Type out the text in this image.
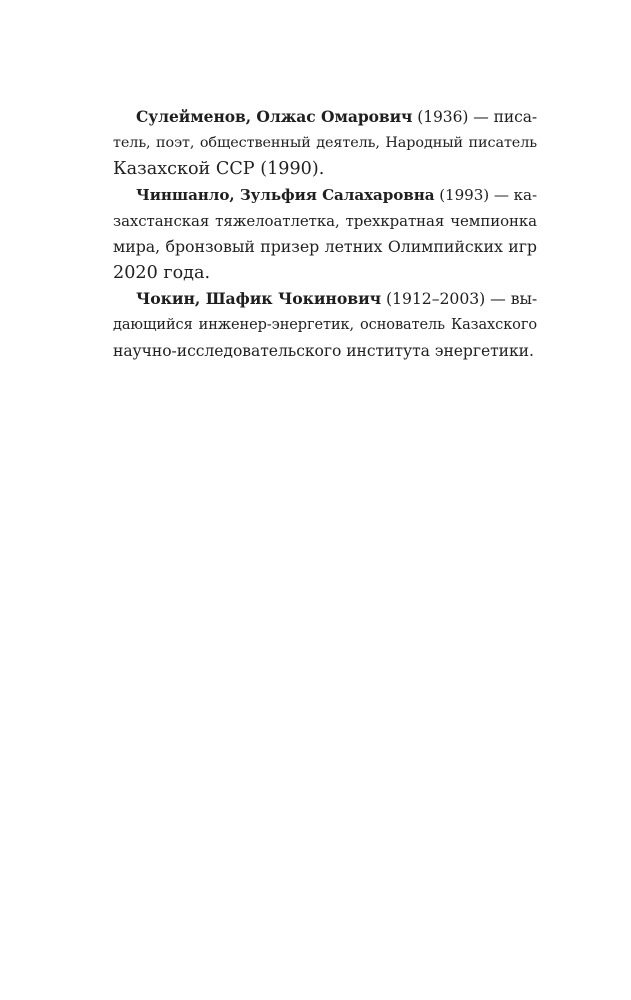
Сулейменов, Олжас Омарович (1936) — писа-
тель, поэт, общественный деятель, Народный писатель
Казахской ССР (1990).
Чиншанло, Зульфия Салахаровна (1993) — ка-
захстанская тяжелоатлетка, трехкратная чемпионка
мира, бронзовый призер летних Олимпийских игр
2020 года.
Чокин, Шафик Чокинович (1912–2003) — вы-
дающийся инженер-энергетик, основатель Казахского
научно-исследовательского института энергетики.
